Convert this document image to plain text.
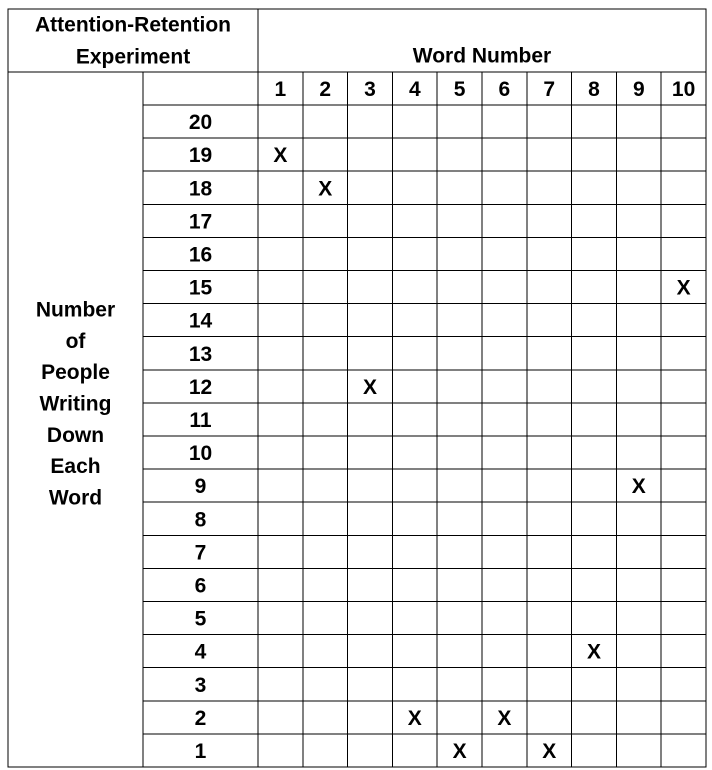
Attention-Retention
Experiment	Word Number
Number
of
People
Writing
Down
Each
Word
1 2 3 4 5 6 7 8 9 10
20
19
18
17
16
15
14
13
12
11
10
9
8
7
6
5
4
3
2
1
X
X
X
X
X
X
X
X
X
X
